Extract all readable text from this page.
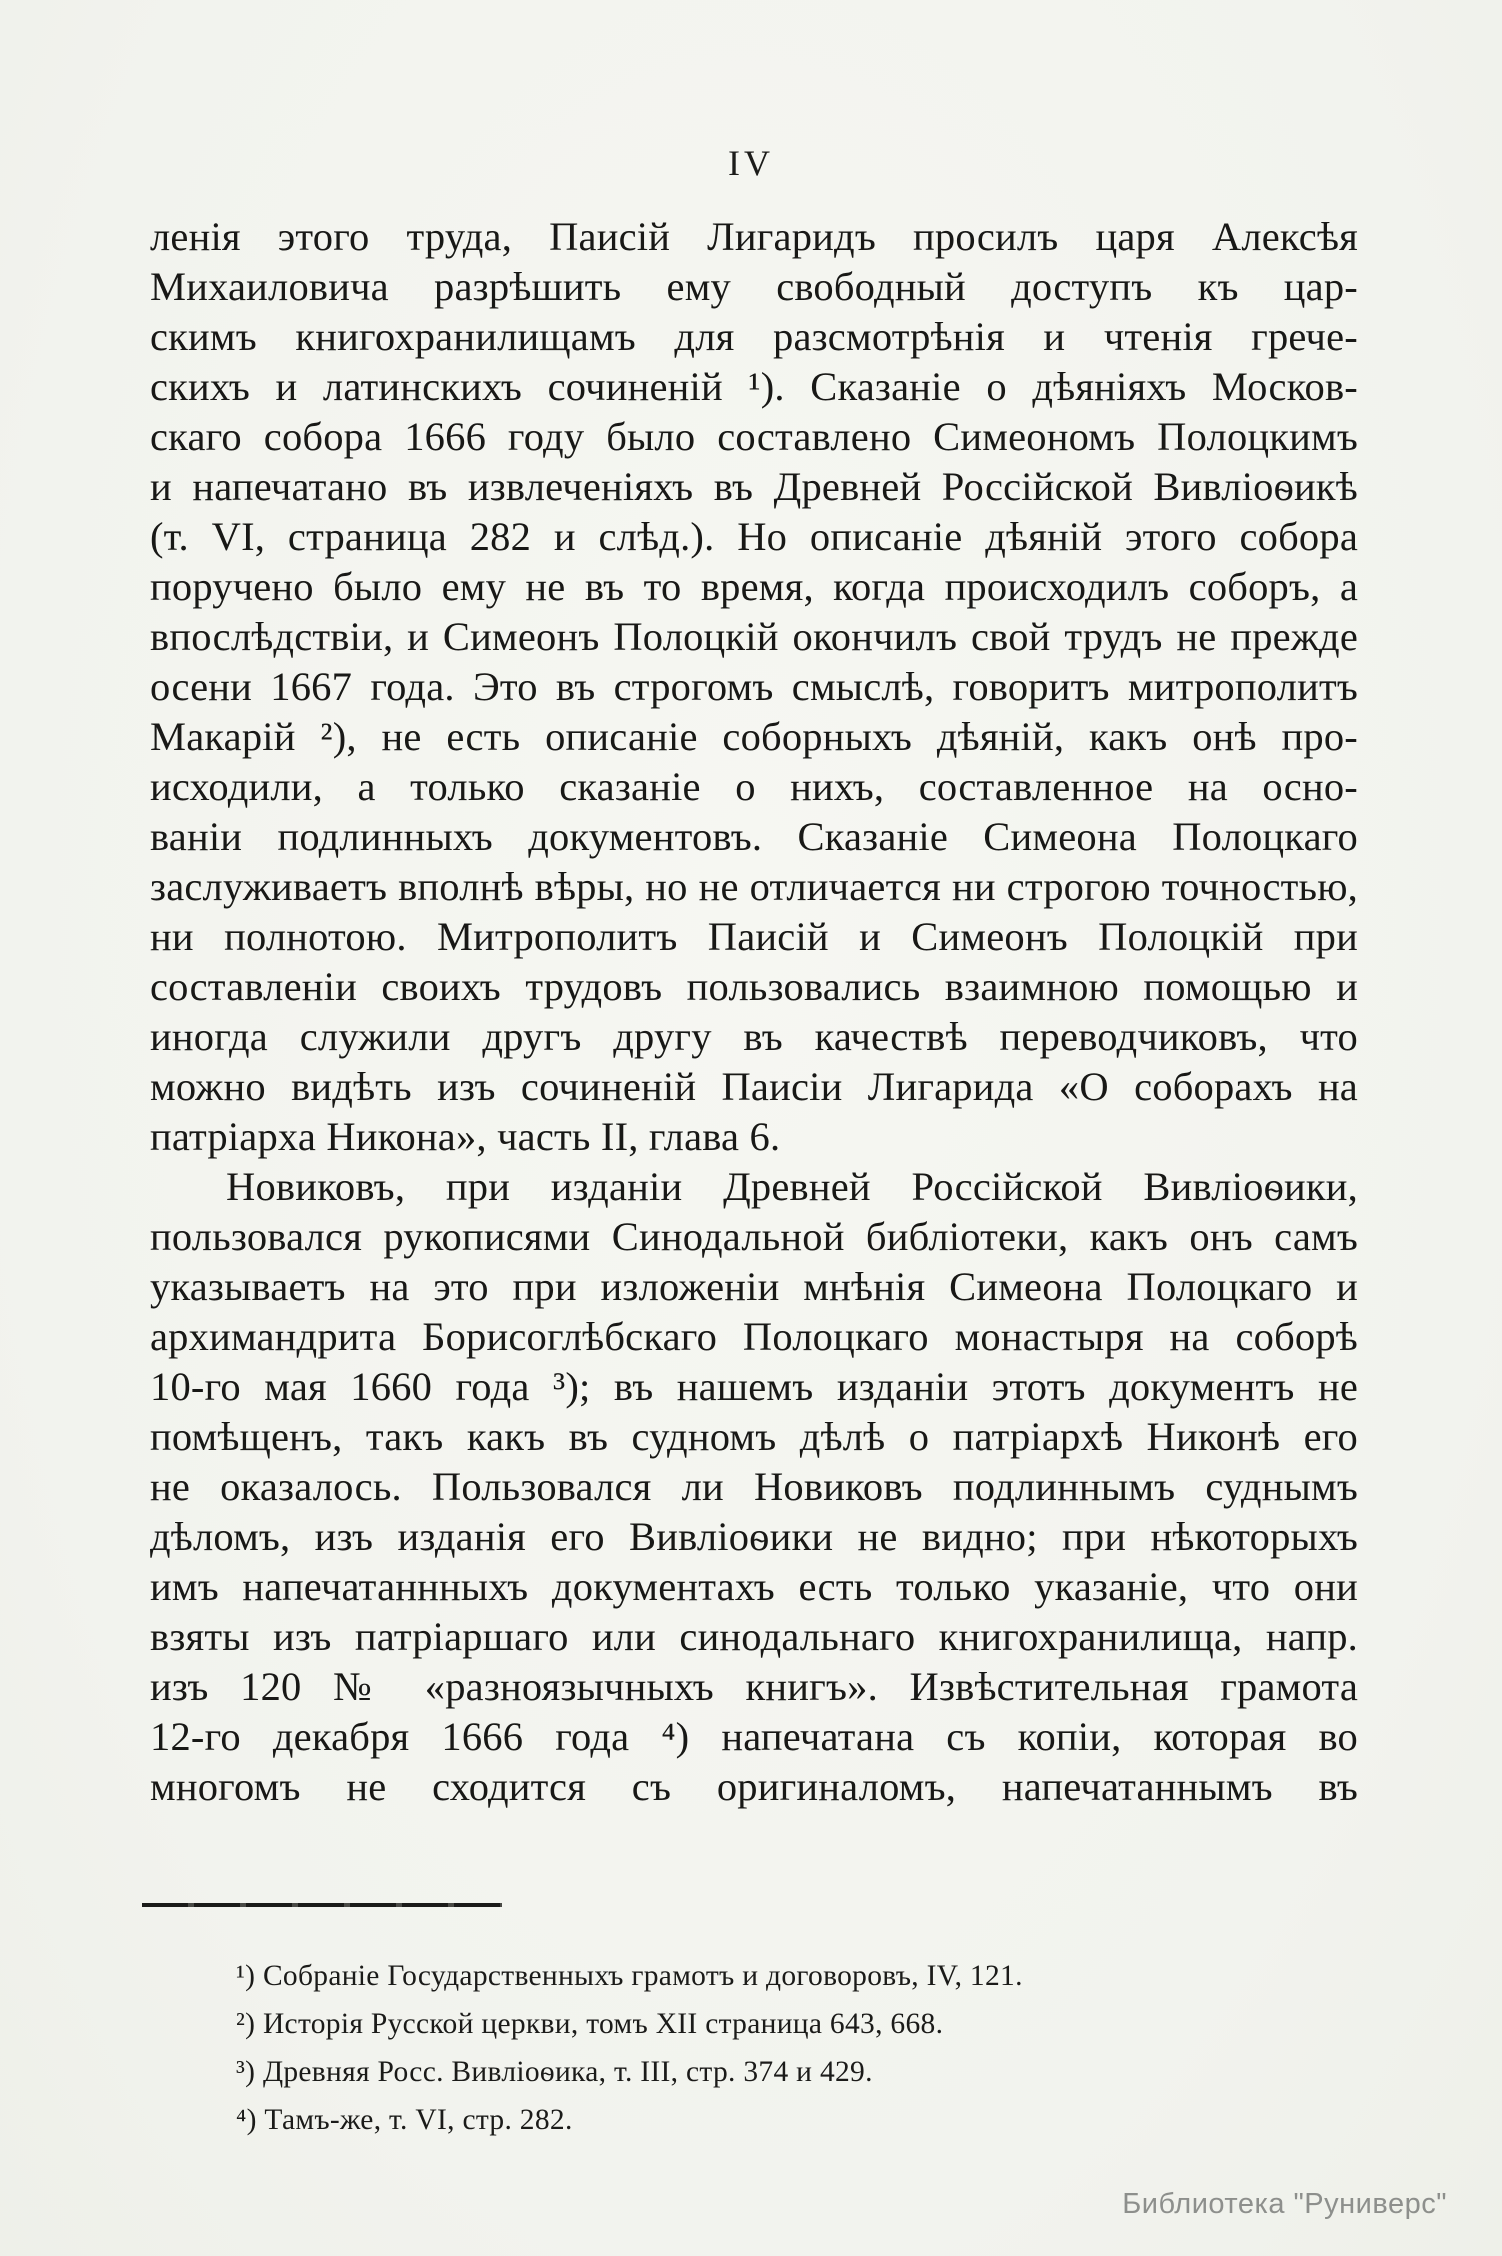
IV
ленія этого труда, Паисій Лигаридъ просилъ царя Алексѣя
Михаиловича разрѣшить ему свободный доступъ къ цар-
скимъ книгохранилищамъ для разсмотрѣнія и чтенія грече-
скихъ и латинскихъ сочиненій ¹). Сказаніе о дѣяніяхъ Москов-
скаго собора 1666 году было составлено Симеономъ Полоцкимъ
и напечатано въ извлеченіяхъ въ Древней Россійской Вивліоѳикѣ
(т. VI, страница 282 и слѣд.). Но описаніе дѣяній этого собора
поручено было ему не въ то время, когда происходилъ соборъ, а
впослѣдствіи, и Симеонъ Полоцкій окончилъ свой трудъ не прежде
осени 1667 года. Это въ строгомъ смыслѣ, говоритъ митрополитъ
Макарій ²), не есть описаніе соборныхъ дѣяній, какъ онѣ про-
исходили, а только сказаніе о нихъ, составленное на осно-
ваніи подлинныхъ документовъ. Сказаніе Симеона Полоцкаго
заслуживаетъ вполнѣ вѣры, но не отличается ни строгою точностью,
ни полнотою. Митрополитъ Паисій и Симеонъ Полоцкій при
составленіи своихъ трудовъ пользовались взаимною помощью и
иногда служили другъ другу въ качествѣ переводчиковъ, что
можно видѣть изъ сочиненій Паисіи Лигарида «О соборахъ на
патріарха Никона», часть II, глава 6.
Новиковъ, при изданіи Древней Россійской Вивліоѳики,
пользовался рукописями Синодальной библіотеки, какъ онъ самъ
указываетъ на это при изложеніи мнѣнія Симеона Полоцкаго и
архимандрита Борисоглѣбскаго Полоцкаго монастыря на соборѣ
10-го мая 1660 года ³); въ нашемъ изданіи этотъ документъ не
помѣщенъ, такъ какъ въ судномъ дѣлѣ о патріархѣ Никонѣ его
не оказалось. Пользовался ли Новиковъ подлиннымъ суднымъ
дѣломъ, изъ изданія его Вивліоѳики не видно; при нѣкоторыхъ
имъ напечатаннныхъ документахъ есть только указаніе, что они
взяты изъ патріаршаго или синодальнаго книгохранилища, напр.
изъ 120 № «разноязычныхъ книгъ». Извѣстительная грамота
12-го декабря 1666 года ⁴) напечатана съ копіи, которая во
многомъ не сходится съ оригиналомъ, напечатаннымъ въ
¹) Собраніе Государственныхъ грамотъ и договоровъ, IV, 121.
²) Исторія Русской церкви, томъ XII страница 643, 668.
³) Древняя Росс. Вивліоѳика, т. III, стр. 374 и 429.
⁴) Тамъ-же, т. VI, стр. 282.
Библиотека "Руниверс"
